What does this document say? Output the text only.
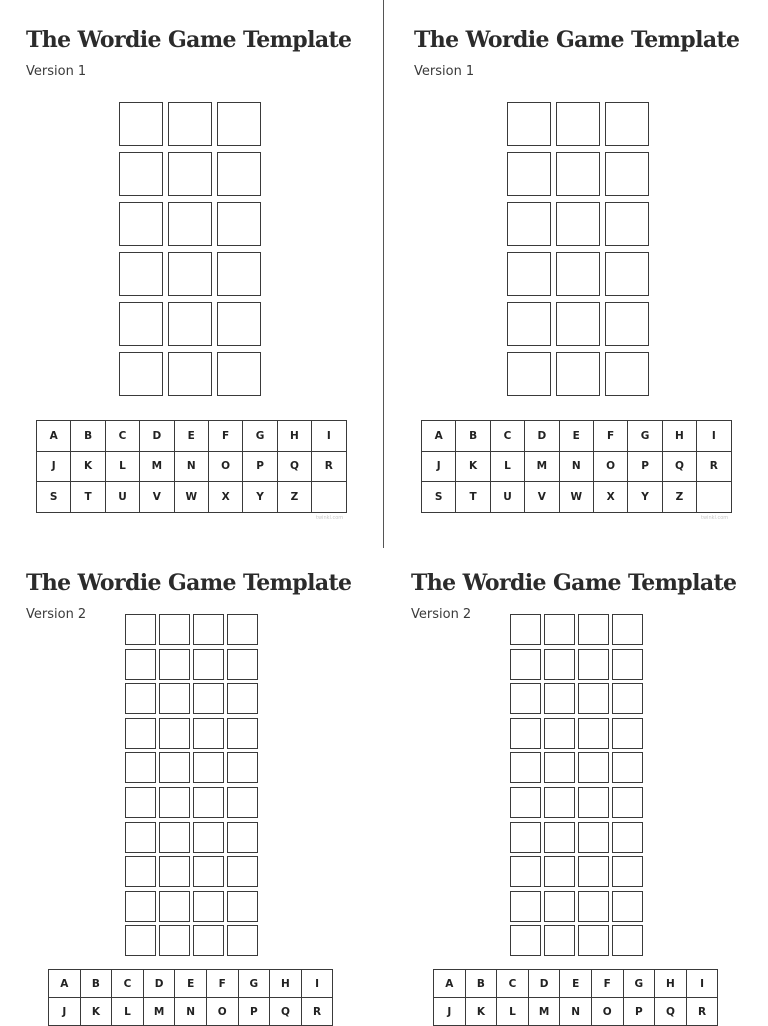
The Wordie Game Template
Version 1
A	B	C	D	E	F	G	H	I
J	K	L	M	N	O	P	Q	R
S	T	U	V	W	X	Y	Z	
twinkl.com
The Wordie Game Template
Version 1
A	B	C	D	E	F	G	H	I
J	K	L	M	N	O	P	Q	R
S	T	U	V	W	X	Y	Z	
twinkl.com
The Wordie Game Template
Version 2
A	B	C	D	E	F	G	H	I
J	K	L	M	N	O	P	Q	R
The Wordie Game Template
Version 2
A	B	C	D	E	F	G	H	I
J	K	L	M	N	O	P	Q	R
